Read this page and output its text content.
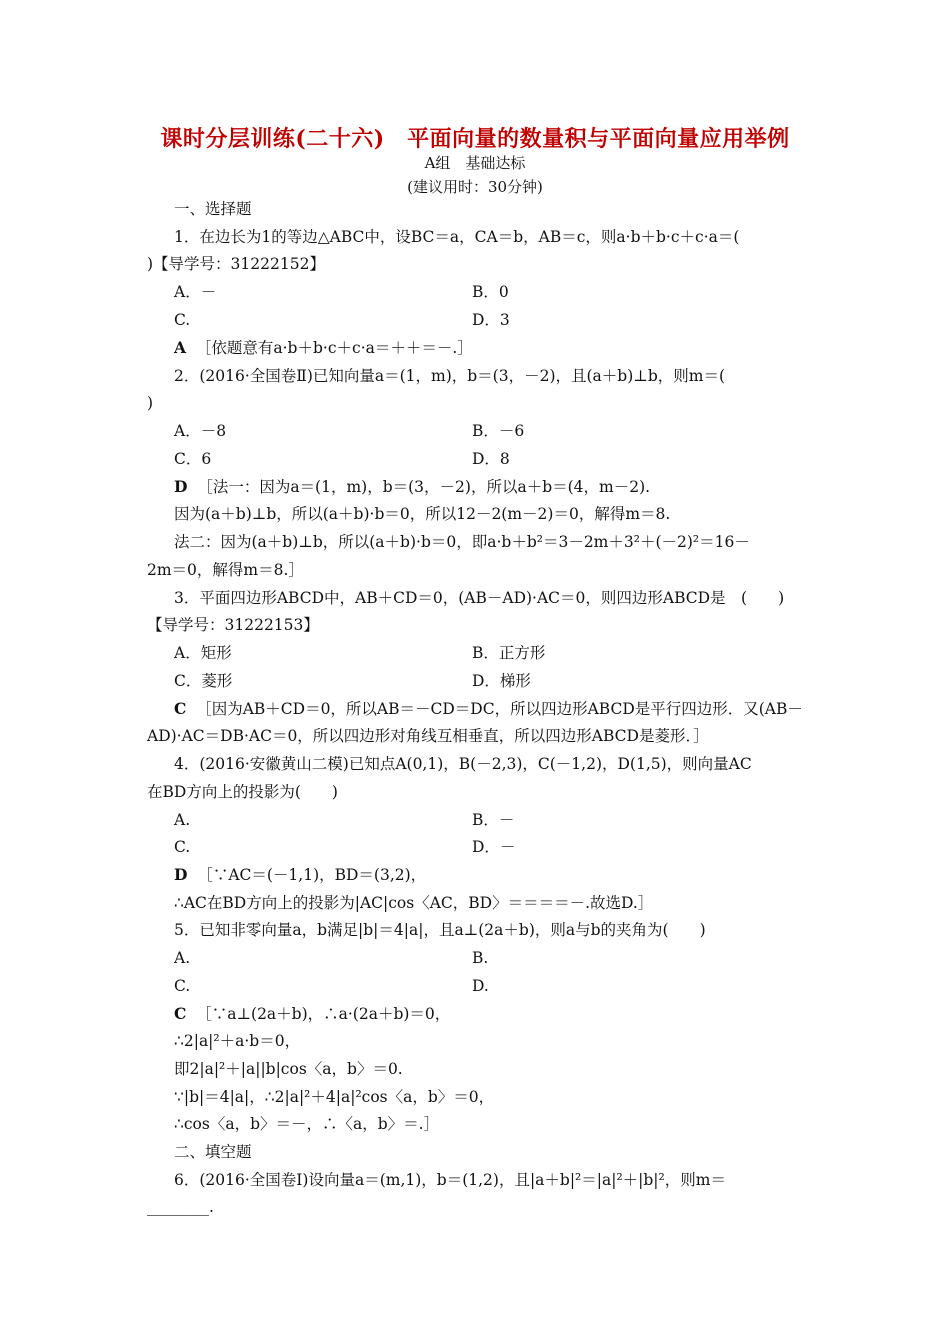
课时分层训练(二十六)　平面向量的数量积与平面向量应用举例
A组　基础达标
(建议用时：30分钟)
一、选择题
1．在边长为1的等边△ABC中，设BC＝a，CA＝b，AB＝c，则a·b＋b·c＋c·a＝(
)【导学号：31222152】
A．－	B．0
C.	D．3
A ［依题意有a·b＋b·c＋c·a＝＋＋＝－.］
2．(2016·全国卷Ⅱ)已知向量a＝(1，m)，b＝(3，－2)，且(a＋b)⊥b，则m＝(
)
A．－8	B．－6
C．6	D．8
D ［法一：因为a＝(1，m)，b＝(3，－2)，所以a＋b＝(4，m－2).
因为(a＋b)⊥b，所以(a＋b)·b＝0，所以12－2(m－2)＝0，解得m＝8.
法二：因为(a＋b)⊥b，所以(a＋b)·b＝0，即a·b＋b²＝3－2m＋3²＋(－2)²＝16－
2m＝0，解得m＝8.］
3．平面四边形ABCD中，AB＋CD＝0，(AB－AD)·AC＝0，则四边形ABCD是　(　　)
【导学号：31222153】
A．矩形	B．正方形
C．菱形	D．梯形
C ［因为AB＋CD＝0，所以AB＝－CD＝DC，所以四边形ABCD是平行四边形．又(AB－
AD)·AC＝DB·AC＝0，所以四边形对角线互相垂直，所以四边形ABCD是菱形．］
4．(2016·安徽黄山二模)已知点A(0,1)，B(－2,3)，C(－1,2)，D(1,5)，则向量AC
在BD方向上的投影为(　　)
A.	B．－
C.	D．－
D ［∵AC＝(－1,1)，BD＝(3,2)，
∴AC在BD方向上的投影为|AC|cos〈AC，BD〉＝＝＝＝－.故选D.］
5．已知非零向量a，b满足|b|＝4|a|，且a⊥(2a＋b)，则a与b的夹角为(　　)
A.	B.
C.	D.
C ［∵a⊥(2a＋b)，∴a·(2a＋b)＝0，
∴2|a|²＋a·b＝0，
即2|a|²＋|a||b|cos〈a，b〉＝0.
∵|b|＝4|a|，∴2|a|²＋4|a|²cos〈a，b〉＝0，
∴cos〈a，b〉＝－，∴〈a，b〉＝.］
二、填空题
6．(2016·全国卷Ⅰ)设向量a＝(m,1)，b＝(1,2)，且|a＋b|²＝|a|²＋|b|²，则m＝
________.
